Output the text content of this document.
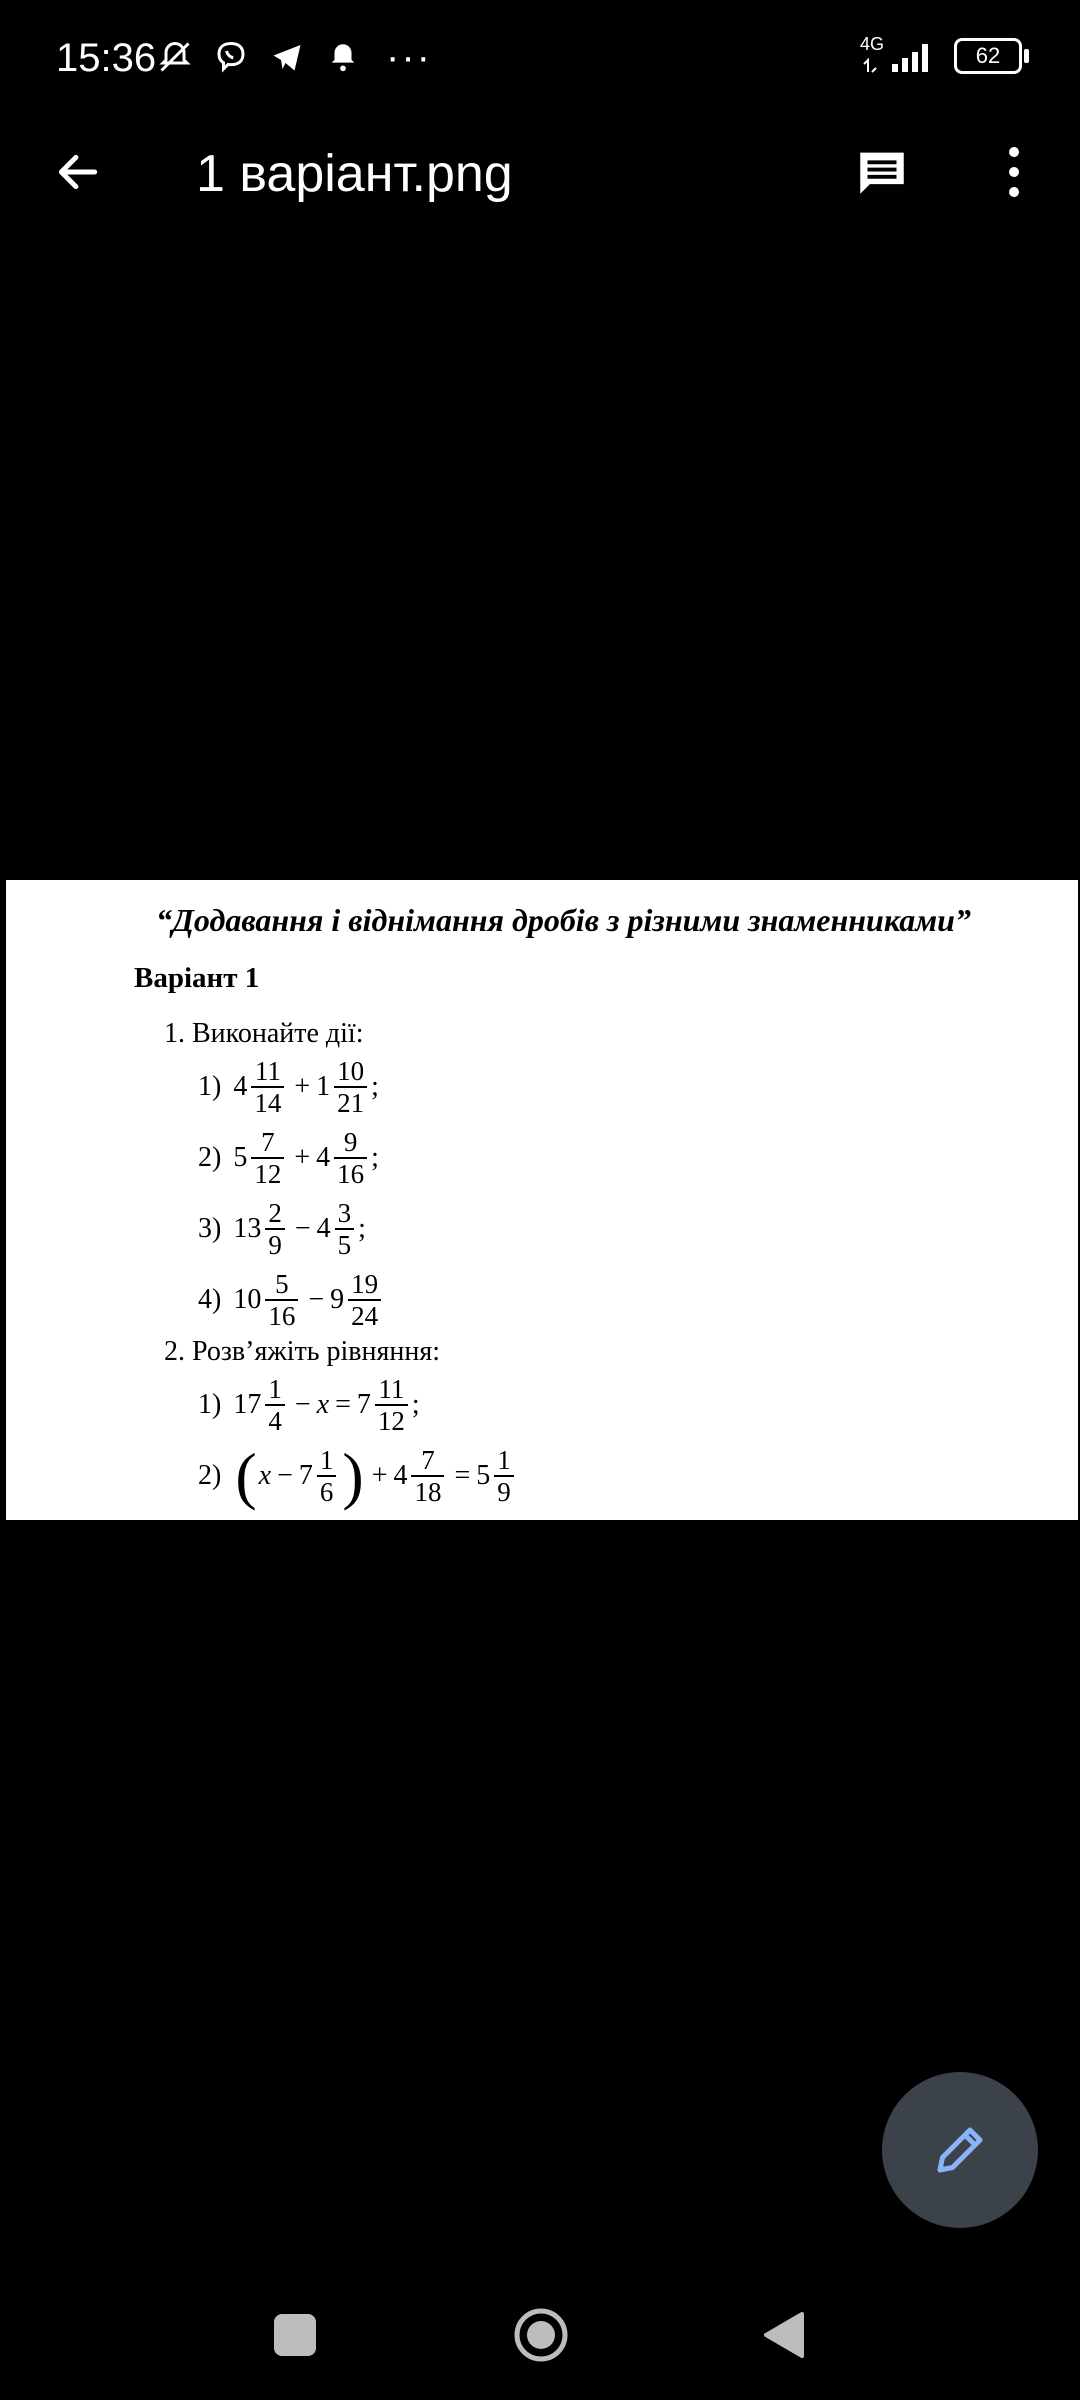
15:36	···	4G	62
1 варіант.png
“Додавання і віднімання дробів з різними знаменниками”
Варіант 1
1. Виконайте дії:
1) $4 \frac{11}{14} + 1 \frac{10}{21}$ ;
2) $5 \frac{7}{12} + 4 \frac{9}{16}$ ;
3) $13 \frac{2}{9} - 4 \frac{3}{5}$ ;
4) $10 \frac{5}{16} - 9 \frac{19}{24}$
2. Розв’яжіть рівняння:
1) $17 \frac{1}{4} - x = 7 \frac{11}{12}$ ;
2) ( $x - 7 \frac{1}{6}$ ) + $4 \frac{7}{18} = 5 \frac{1}{9}$
